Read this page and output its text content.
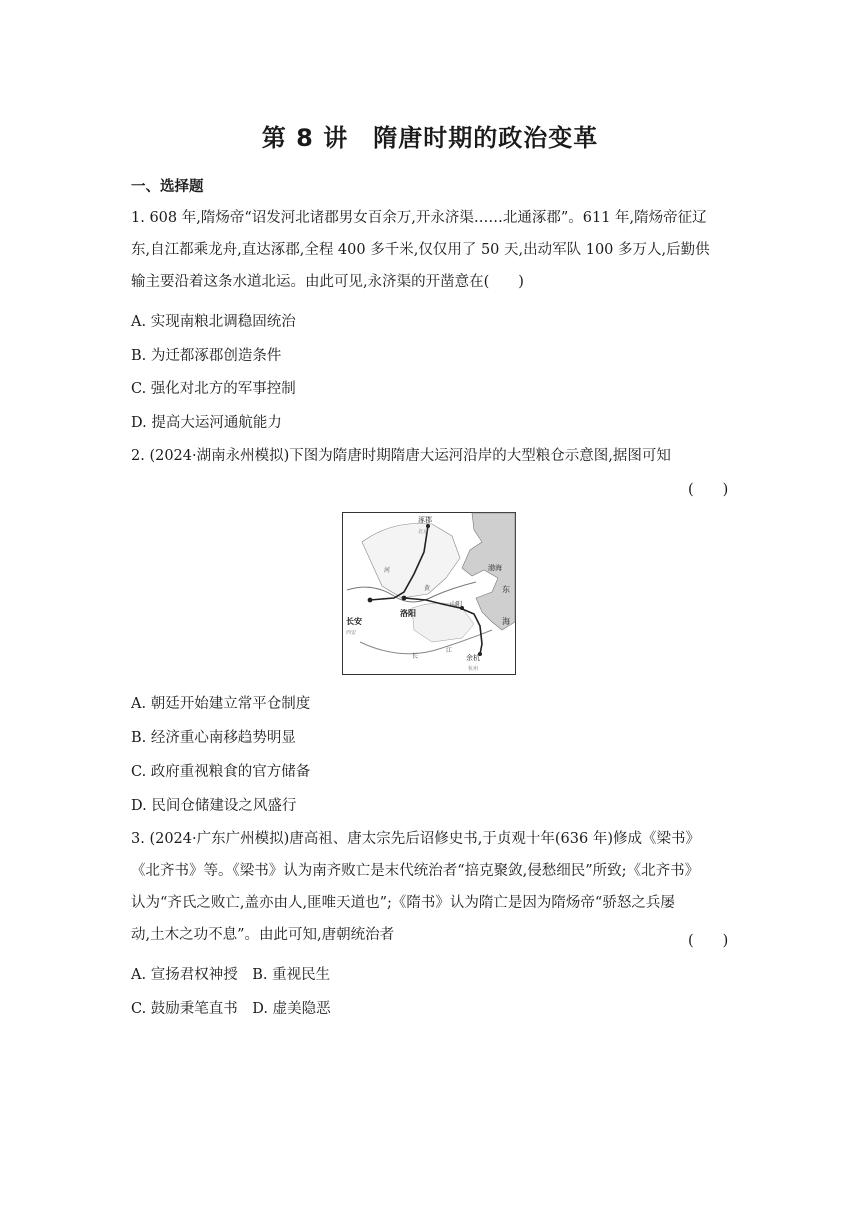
第 8 讲　隋唐时期的政治变革
一、选择题

1. 608 年,隋炀帝“诏发河北诸郡男女百余万,开永济渠……北通涿郡”。611 年,隋炀帝征辽

东,自江都乘龙舟,直达涿郡,全程 400 多千米,仅仅用了 50 天,出动军队 100 多万人,后勤供

输主要沿着这条水道北运。由此可见,永济渠的开凿意在(　　)

A. 实现南粮北调稳固统治
B. 为迁都涿郡创造条件
C. 强化对北方的军事控制
D. 提高大运河通航能力
2. (2024·湖南永州模拟)下图为隋唐时期隋唐大运河沿岸的大型粮仓示意图,据图可知
(　　)
涿郡
北京
渤海
东
海
长安
西安
洛阳
山阳
余杭
杭州
河
黄
长
江
A. 朝廷开始建立常平仓制度
B. 经济重心南移趋势明显
C. 政府重视粮食的官方储备
D. 民间仓储建设之风盛行

3. (2024·广东广州模拟)唐高祖、唐太宗先后诏修史书,于贞观十年(636 年)修成《梁书》

《北齐书》等。《梁书》认为南齐败亡是末代统治者“掊克聚敛,侵愁细民”所致;《北齐书》

认为“齐氏之败亡,盖亦由人,匪唯天道也”;《隋书》认为隋亡是因为隋炀帝“骄怒之兵屡

动,土木之功不息”。由此可知,唐朝统治者	(　　)
A. 宣扬君权神授　B. 重视民生
C. 鼓励秉笔直书　D. 虚美隐恶
